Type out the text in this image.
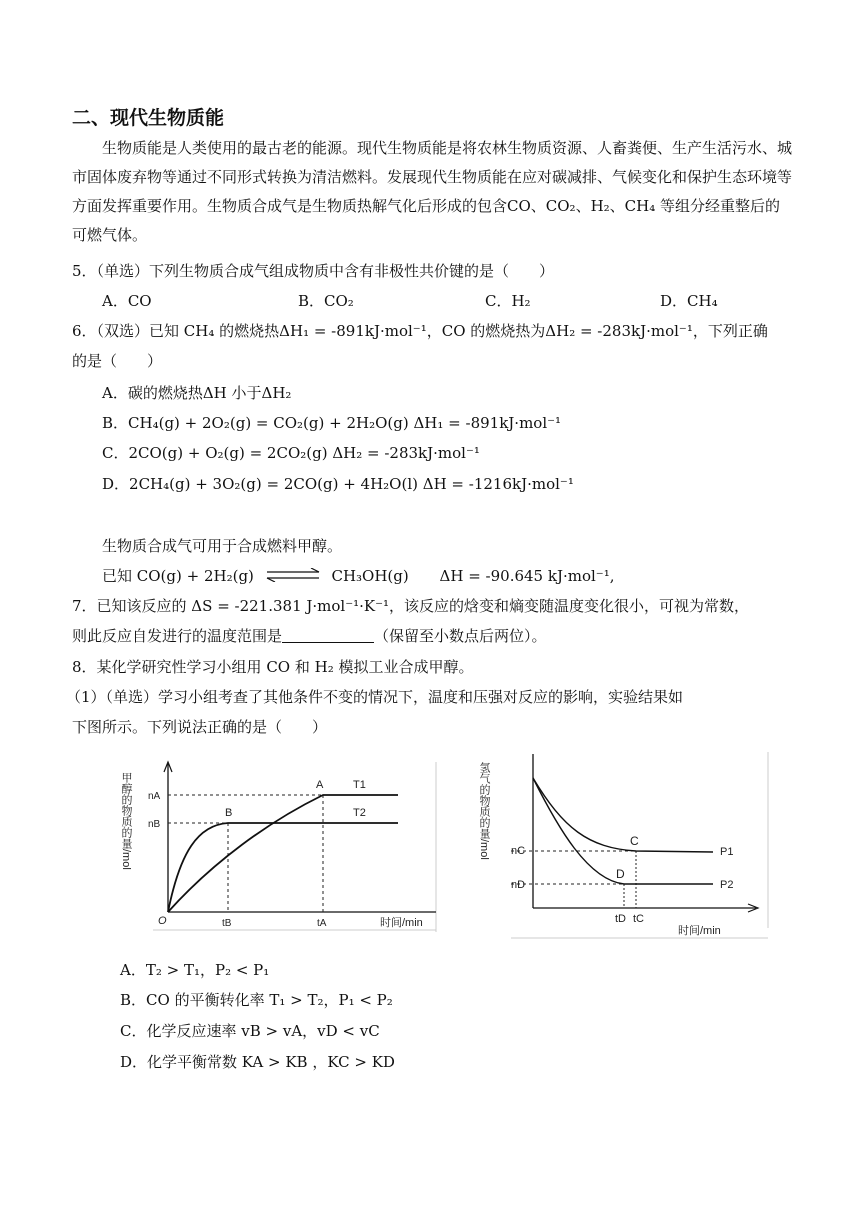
二、现代生物质能
生物质能是人类使用的最古老的能源。现代生物质能是将农林生物质资源、人畜粪便、生产生活污水、城市固体废弃物等通过不同形式转换为清洁燃料。发展现代生物质能在应对碳减排、气候变化和保护生态环境等方面发挥重要作用。生物质合成气是生物质热解气化后形成的包含CO、CO₂、H₂、CH₄ 等组分经重整后的可燃气体。
5．（单选）下列生物质合成气组成物质中含有非极性共价键的是（　　）
A．CO	B．CO₂	C．H₂	D．CH₄
6．（双选）已知 CH₄ 的燃烧热ΔH₁ = -891kJ·mol⁻¹，CO 的燃烧热为ΔH₂ = -283kJ·mol⁻¹，下列正确
的是（　　）
A．碳的燃烧热ΔH 小于ΔH₂
B．CH₄(g) + 2O₂(g) = CO₂(g) + 2H₂O(g) ΔH₁ = -891kJ·mol⁻¹
C．2CO(g) + O₂(g) = 2CO₂(g) ΔH₂ = -283kJ·mol⁻¹
D．2CH₄(g) + 3O₂(g) = 2CO(g) + 4H₂O(l) ΔH = -1216kJ·mol⁻¹
生物质合成气可用于合成燃料甲醇。
已知 CO(g) + 2H₂(g) ⇌ CH₃OH(g) ΔH = -90.645 kJ·mol⁻¹,
7．已知该反应的 ΔS = -221.381 J·mol⁻¹·K⁻¹，该反应的焓变和熵变随温度变化很小，可视为常数，
则此反应自发进行的温度范围是	（保留至小数点后两位）。
8．某化学研究性学习小组用 CO 和 H₂ 模拟工业合成甲醇。
（1）（单选）学习小组考查了其他条件不变的情况下，温度和压强对反应的影响，实验结果如
下图所示。下列说法正确的是（　　）
甲醇的物质的量/mol nA
nB
O	tB	tA
A
B
T1
T2
时间/min
氢气的物质的量/mol nC
nD
tD tC
C
D
P1
P2
时间/min
A．T₂ > T₁，P₂ < P₁
B．CO 的平衡转化率 T₁ > T₂，P₁ < P₂
C．化学反应速率 vB > vA，vD < vC
D．化学平衡常数 KA > KB ，KC > KD
